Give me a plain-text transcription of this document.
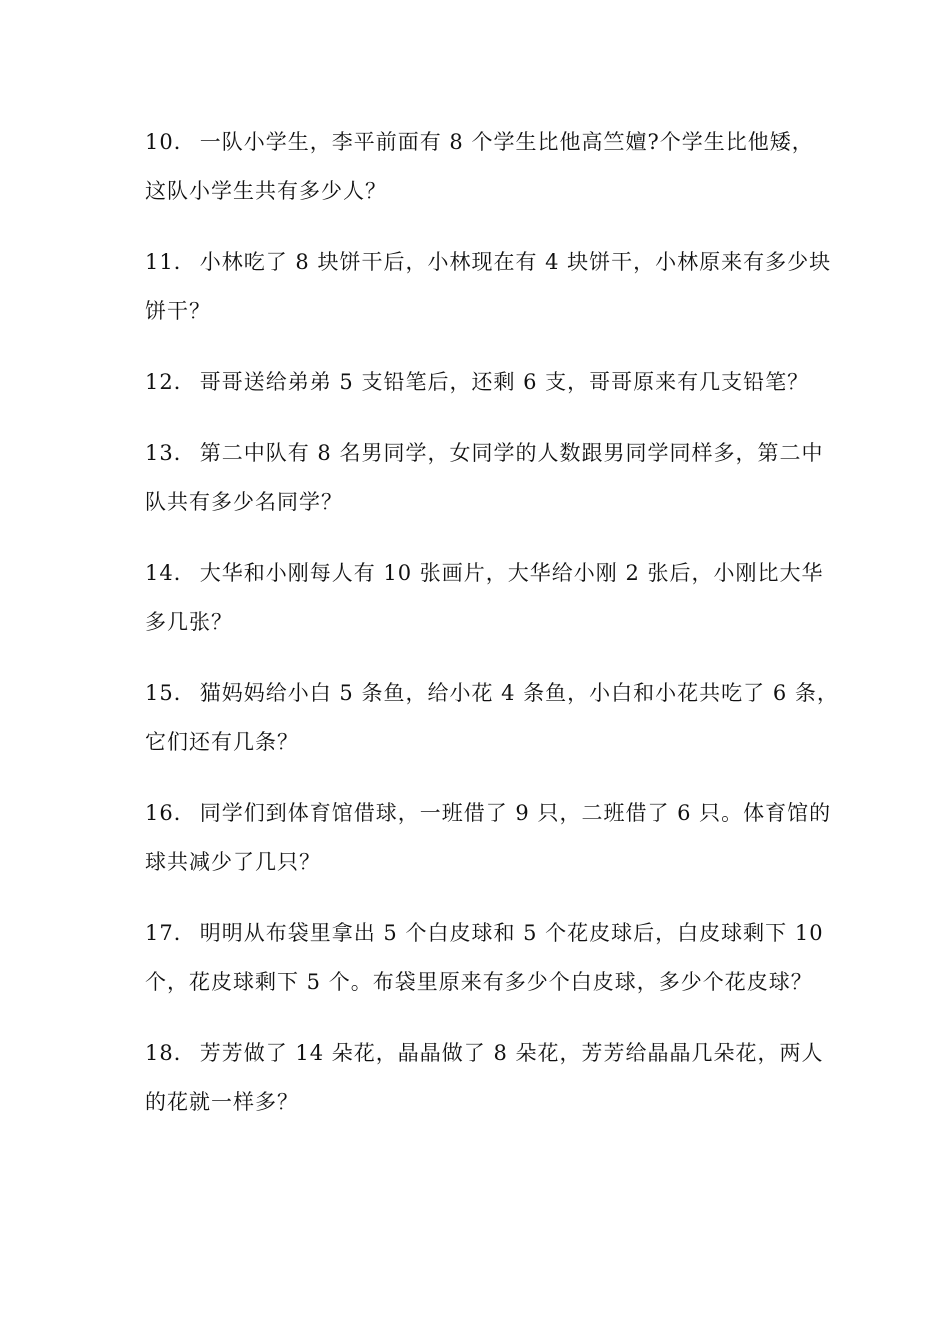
10． 一队小学生，李平前面有 8 个学生比他高竺嬗?个学生比他矮，
这队小学生共有多少人？

11． 小林吃了 8 块饼干后，小林现在有 4 块饼干，小林原来有多少块
饼干？

12． 哥哥送给弟弟 5 支铅笔后，还剩 6 支，哥哥原来有几支铅笔？

13． 第二中队有 8 名男同学，女同学的人数跟男同学同样多，第二中
队共有多少名同学？

14． 大华和小刚每人有 10 张画片，大华给小刚 2 张后，小刚比大华
多几张？

15． 猫妈妈给小白 5 条鱼，给小花 4 条鱼，小白和小花共吃了 6 条，
它们还有几条？

16． 同学们到体育馆借球，一班借了 9 只，二班借了 6 只。体育馆的
球共减少了几只？

17． 明明从布袋里拿出 5 个白皮球和 5 个花皮球后，白皮球剩下 10
个，花皮球剩下 5 个。布袋里原来有多少个白皮球，多少个花皮球？

18． 芳芳做了 14 朵花，晶晶做了 8 朵花，芳芳给晶晶几朵花，两人
的花就一样多？
